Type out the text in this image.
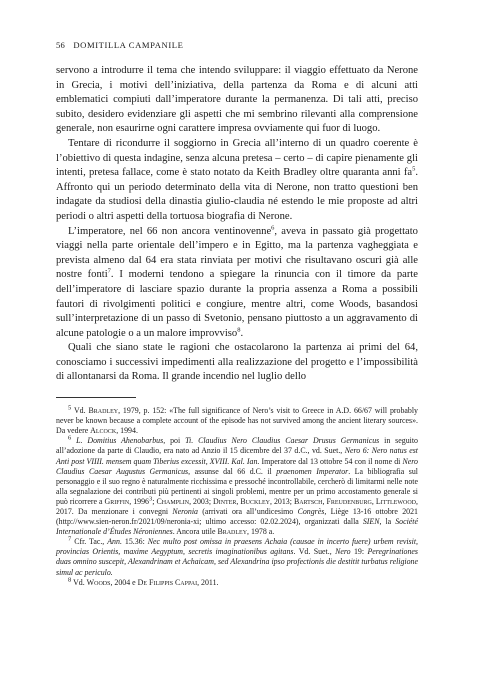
56 DOMITILLA CAMPANILE

servono a introdurre il tema che intendo sviluppare: il viaggio effettuato da Nerone in Grecia, i motivi dell’iniziativa, della partenza da Roma e di alcuni atti emblematici compiuti dall’imperatore durante la permanenza. Di tali atti, preciso subito, desidero evidenziare gli aspetti che mi sembrino rilevanti alla comprensione generale, non esaurirne ogni carattere impresa ovviamente qui fuor di luogo.

Tentare di ricondurre il soggiorno in Grecia all’interno di un quadro coerente è l’obiettivo di questa indagine, senza alcuna pretesa – certo – di capire pienamente gli intenti, pretesa fallace, come è stato notato da Keith Bradley oltre quaranta anni $fa^5$. Affronto qui un periodo determinato della vita di Nerone, non tratto questioni ben indagate da studiosi della dinastia giulio-claudia né estendo le mie proposte ad altri periodi o altri aspetti della tortuosa biografia di Nerone.

L’imperatore, nel 66 non ancora ventinovenne$^6$, aveva in passato già progettato viaggi nella parte orientale dell’impero e in Egitto, ma la partenza vagheggiata e prevista almeno dal 64 era stata rinviata per motivi che risultavano oscuri già alle nostre fonti$^7$. I moderni tendono a spiegare la rinuncia con il timore da parte dell’imperatore di lasciare spazio durante la propria assenza a Roma a possibili fautori di rivolgimenti politici e congiure, mentre altri, come Woods, basandosi sull’interpretazione di un passo di Svetonio, pensano piuttosto a un aggravamento di alcune patologie o a un malore improvviso$^8$.

Quali che siano state le ragioni che ostacolarono la partenza ai primi del 64, conosciamo i successivi impedimenti alla realizzazione del progetto e l’impossibilità di allontanarsi da Roma. Il grande incendio nel luglio dello

$^5$ Vd. Bradley, 1979, p. 152: «The full significance of Nero’s visit to Greece in A.D. 66/67 will probably never be known because a complete account of the episode has not survived among the ancient literary sources». Da vedere Alcock, 1994.

$^6$ L. Domitius Ahenobarbus, poi Ti. Claudius Nero Claudius Caesar Drusus Germanicus in seguito all’adozione da parte di Claudio, era nato ad Anzio il 15 dicembre del 37 d.C., vd. Suet., Nero 6: Nero natus est Anti post VIIII. mensem quam Tiberius excessit, XVIII. Kal. Ian. Imperatore dal 13 ottobre 54 con il nome di Nero Claudius Caesar Augustus Germanicus, assunse dal 66 d.C. il praenomen Imperator. La bibliografia sul personaggio e il suo regno è naturalmente ricchissima e pressoché incontrollabile, cercherò di limitarmi nelle note alla segnalazione dei contributi più pertinenti ai singoli problemi, mentre per un primo accostamento generale si può ricorrere a Griffin, 1996$^3$; Champlin, 2003; Dinter, Buckley, 2013; Bartsch, Freudenburg, Littlewood, 2017. Da menzionare i convegni Neronia (arrivati ora all’undicesimo Congrès, Liège 13-16 ottobre 2021 (http://www.sien-neron.fr/2021/09/neronia-xi; ultimo accesso: 02.02.2024), organizzati dalla SIEN, la Société Internationale d’Études Néroniennes. Ancora utile Bradley, 1978 a.

$^7$ Cfr. Tac., Ann. 15.36: Nec multo post omissa in praesens Achaia (causae in incerto fuere) urbem revisit, provincias Orientis, maxime Aegyptum, secretis imaginationibus agitans. Vd. Suet., Nero 19: Peregrinationes duas omnino suscepit, Alexandrinam et Achaicam, sed Alexandrina ipso profectionis die destitit turbatus religione simul ac periculo.

$^8$ Vd. Woods, 2004 e De Filippis Cappai, 2011.
